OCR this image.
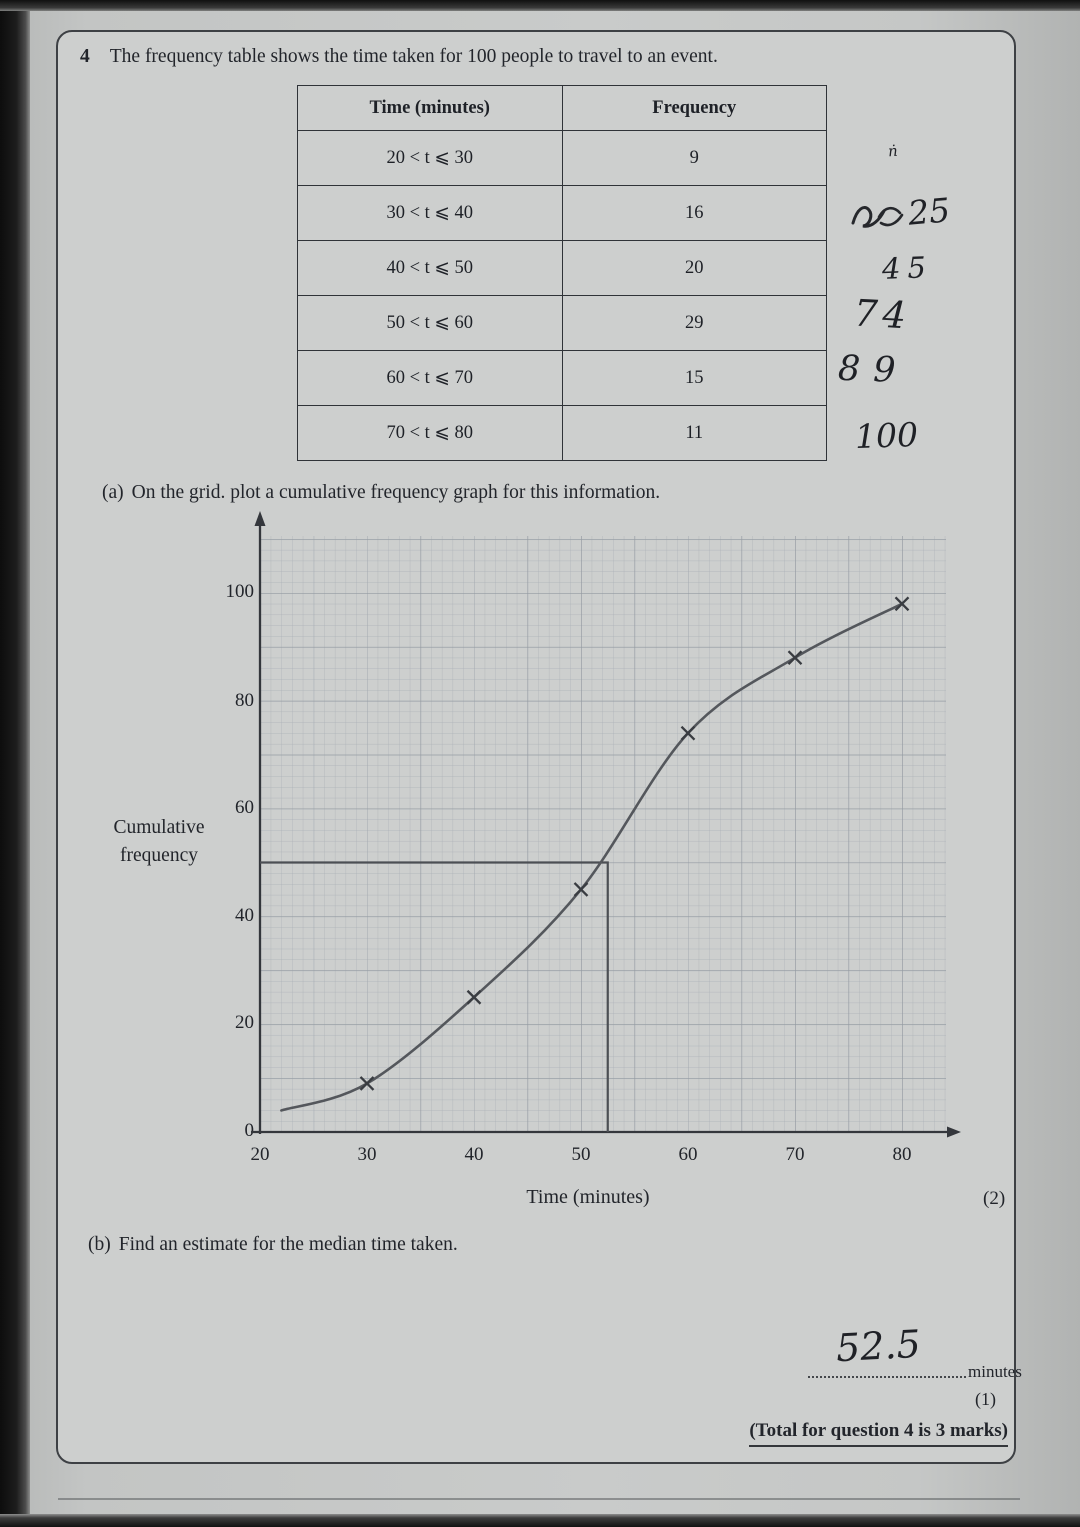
4 The frequency table shows the time taken for 100 people to travel to an event.
Time (minutes)	Frequency
20 < t ⩽ 30	9
30 < t ⩽ 40	16
40 < t ⩽ 50	20
50 < t ⩽ 60	29
60 < t ⩽ 70	15
70 < t ⩽ 80	11
ṅ
25
45
74
89
100
(a) On the grid. plot a cumulative frequency graph for this information.
Cumulative
frequency
100
80
60
40
20
0
20	30	40	50	60	70	80
Time (minutes)	(2)
(b) Find an estimate for the median time taken.
52.5
minutes
(1)
(Total for question 4 is 3 marks)
